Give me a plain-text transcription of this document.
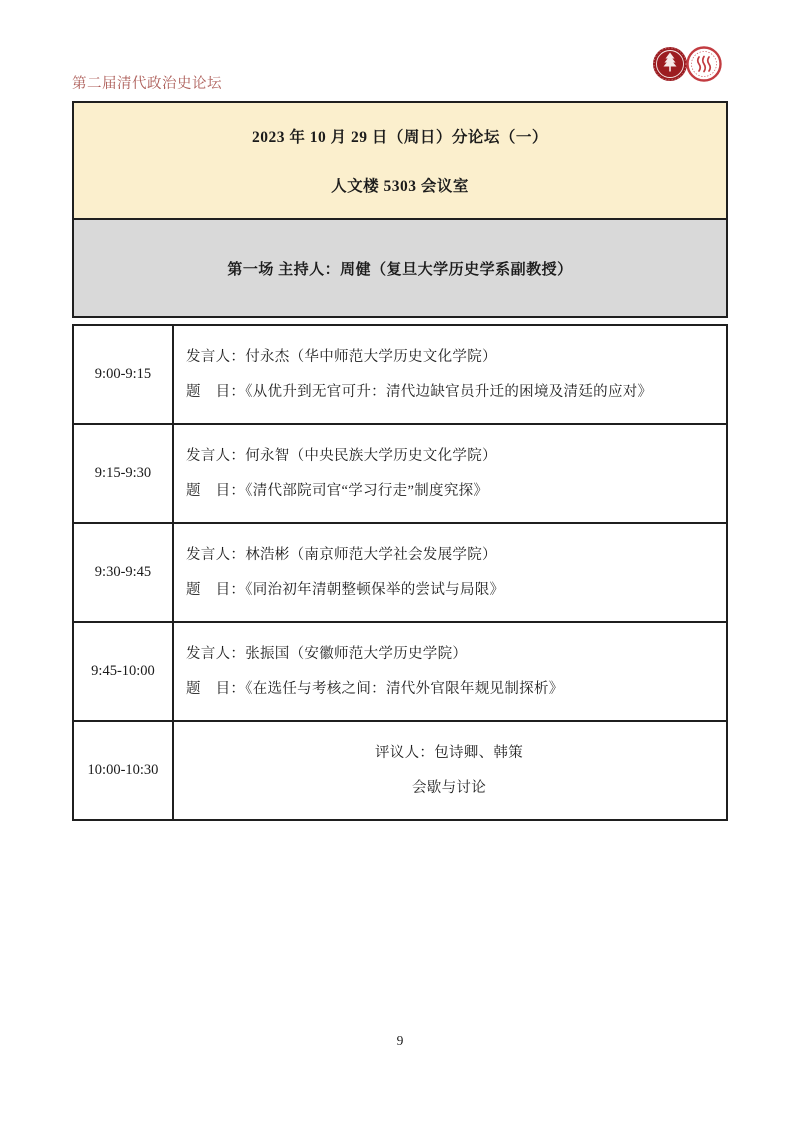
第二届清代政治史论坛
2023 年 10 月 29 日（周日）分论坛（一）
人文楼 5303 会议室
第一场 主持人：周健（复旦大学历史学系副教授）
9:00-9:15
发言人：付永杰（华中师范大学历史文化学院）
题　目：《从优升到无官可升：清代边缺官员升迁的困境及清廷的应对》
9:15-9:30
发言人：何永智（中央民族大学历史文化学院）
题　目：《清代部院司官“学习行走”制度究探》
9:30-9:45
发言人：林浩彬（南京师范大学社会发展学院）
题　目：《同治初年清朝整顿保举的尝试与局限》
9:45-10:00
发言人：张振国（安徽师范大学历史学院）
题　目：《在选任与考核之间：清代外官限年觌见制探析》
10:00-10:30
评议人：包诗卿、韩策
会歇与讨论
9
